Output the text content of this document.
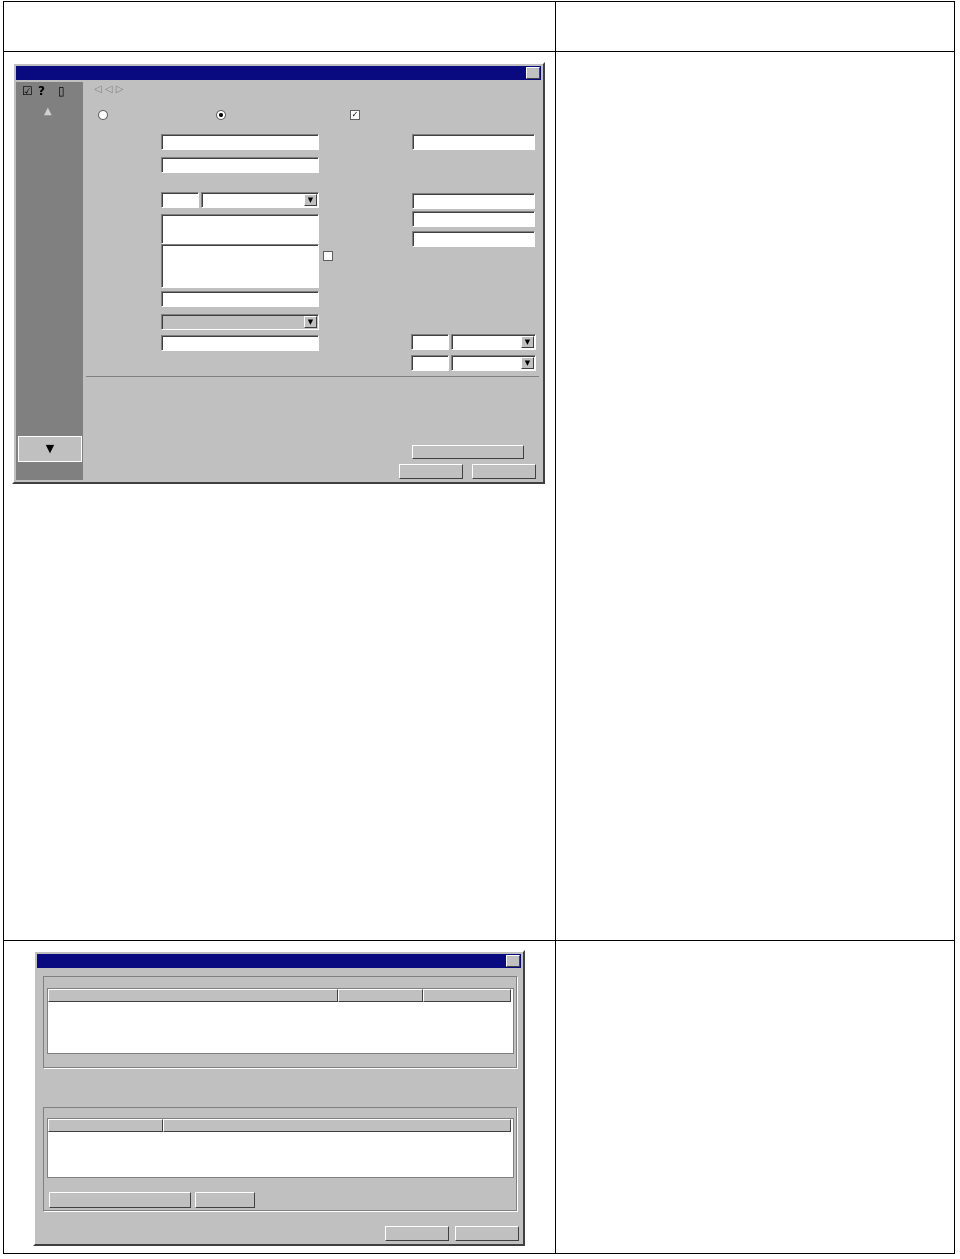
☑ ? ▯
▲
▼
◁ ◁ ▷
✓
▼
▼
▼
▼
